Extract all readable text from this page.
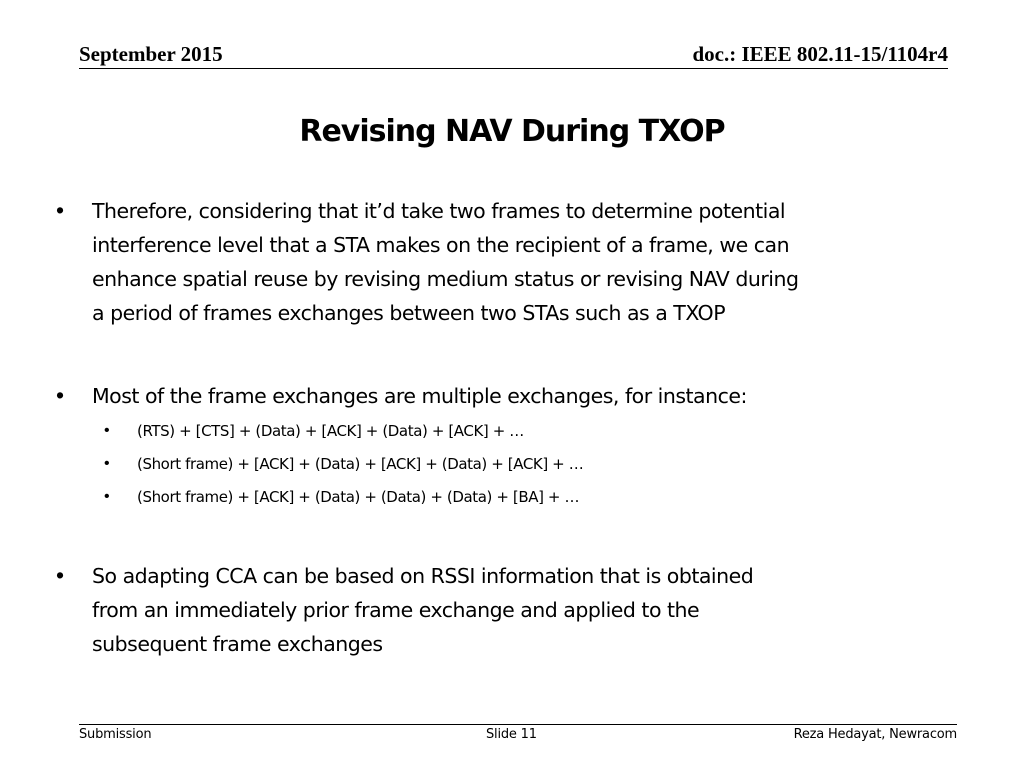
September 2015	doc.: IEEE 802.11-15/1104r4
Revising NAV During TXOP
• Therefore, considering that it’d take two frames to determine potential
interference level that a STA makes on the recipient of a frame, we can
enhance spatial reuse by revising medium status or revising NAV during
a period of frames exchanges between two STAs such as a TXOP
• Most of the frame exchanges are multiple exchanges, for instance:
• (RTS) + [CTS] + (Data) + [ACK] + (Data) + [ACK] + …
• (Short frame) + [ACK] + (Data) + [ACK] + (Data) + [ACK] + …
• (Short frame) + [ACK] + (Data) + (Data) + (Data) + [BA] + …
• So adapting CCA can be based on RSSI information that is obtained
from an immediately prior frame exchange and applied to the
subsequent frame exchanges
Submission	Slide 11	Reza Hedayat, Newracom
